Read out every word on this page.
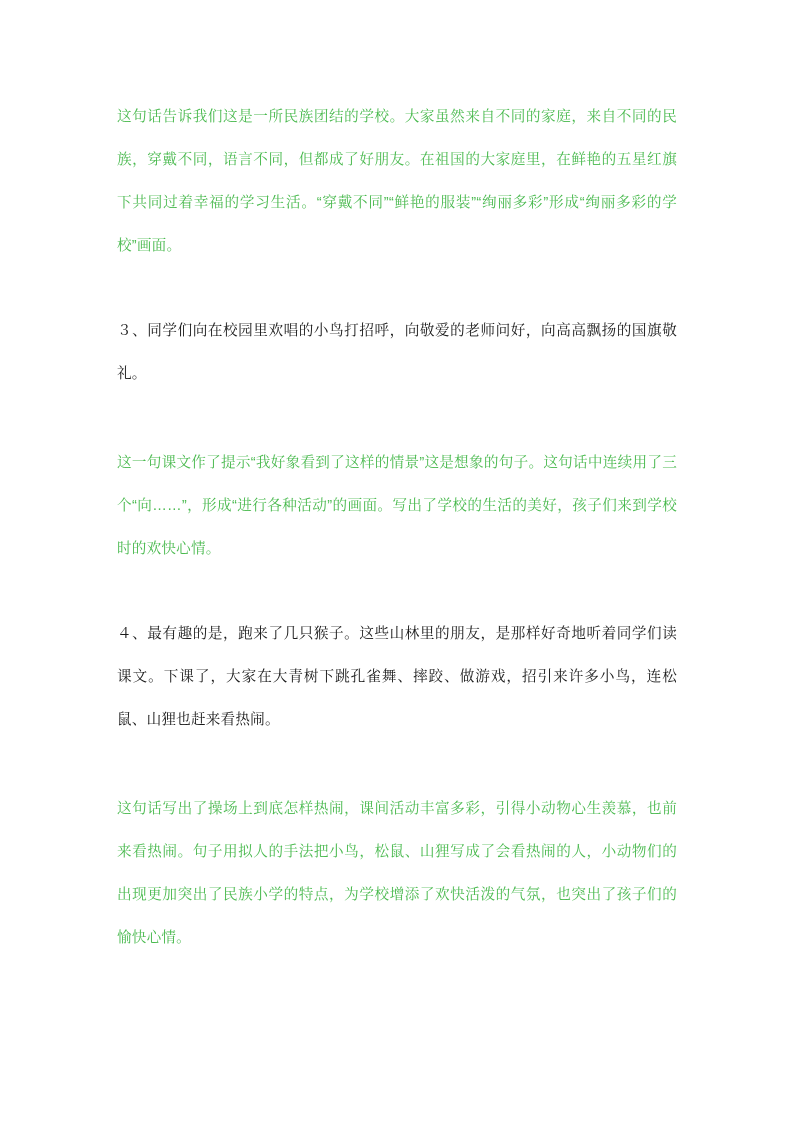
这句话告诉我们这是一所民族团结的学校。大家虽然来自不同的家庭，来自不同的民族，穿戴不同，语言不同，但都成了好朋友。在祖国的大家庭里，在鲜艳的五星红旗下共同过着幸福的学习生活。“穿戴不同”“鲜艳的服装”“绚丽多彩”形成“绚丽多彩的学校”画面。

３、同学们向在校园里欢唱的小鸟打招呼，向敬爱的老师问好，向高高飘扬的国旗敬礼。

这一句课文作了提示“我好象看到了这样的情景”这是想象的句子。这句话中连续用了三个“向……”，形成“进行各种活动”的画面。写出了学校的生活的美好，孩子们来到学校时的欢快心情。

４、最有趣的是，跑来了几只猴子。这些山林里的朋友，是那样好奇地听着同学们读课文。下课了，大家在大青树下跳孔雀舞、摔跤、做游戏，招引来许多小鸟，连松鼠、山狸也赶来看热闹。

这句话写出了操场上到底怎样热闹，课间活动丰富多彩，引得小动物心生羡慕，也前来看热闹。句子用拟人的手法把小鸟，松鼠、山狸写成了会看热闹的人，小动物们的出现更加突出了民族小学的特点，为学校增添了欢快活泼的气氛，也突出了孩子们的愉快心情。
